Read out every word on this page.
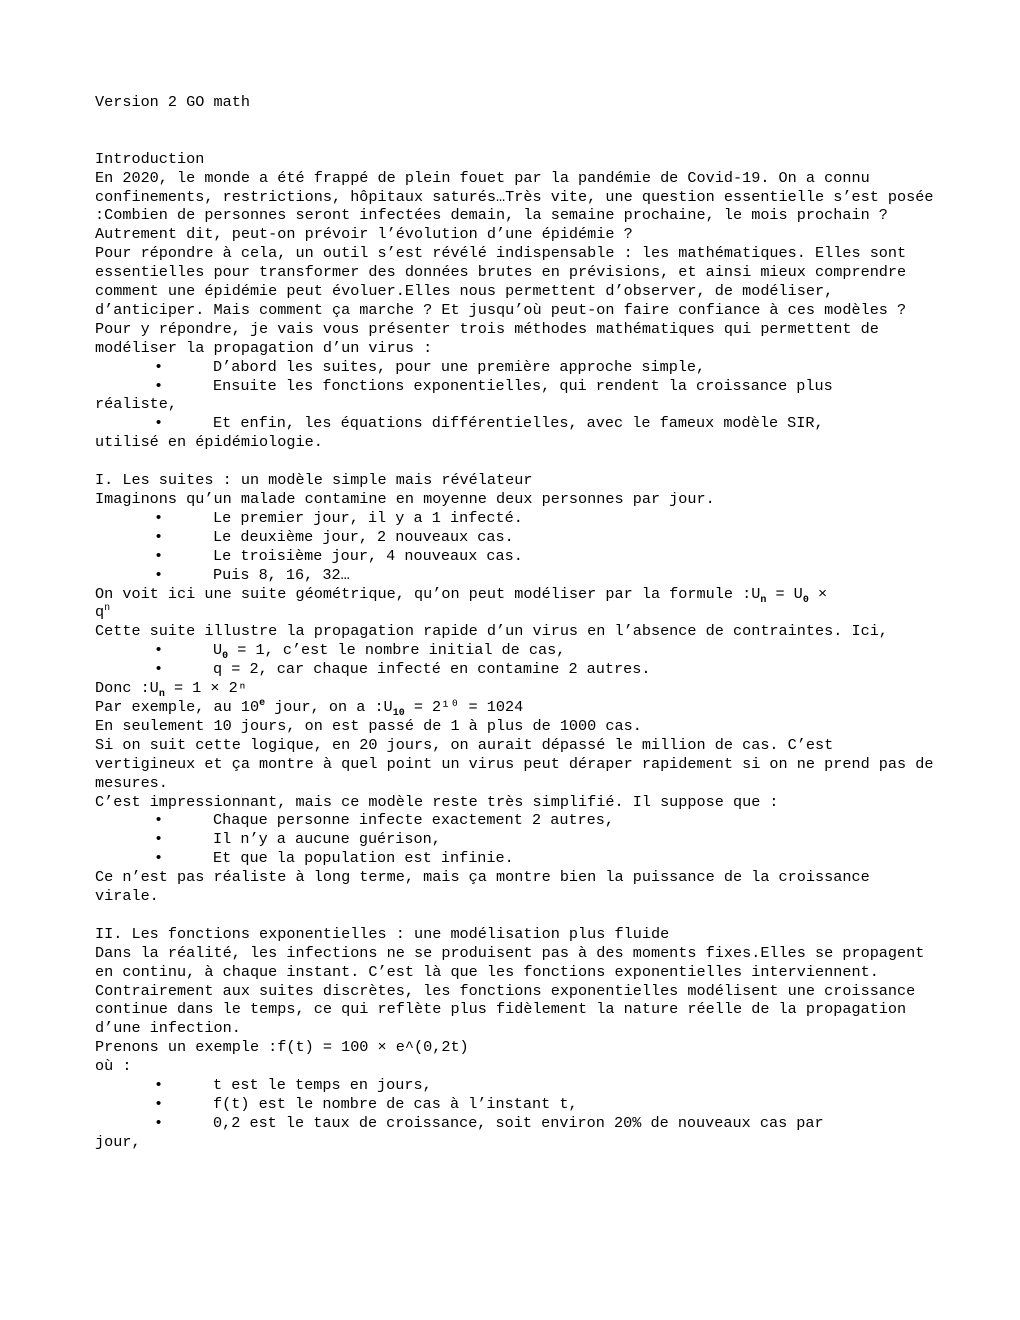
Version 2 GO math

Introduction

En 2020, le monde a été frappé de plein fouet par la pandémie de Covid-19. On a connu confinements, restrictions, hôpitaux saturés…Très vite, une question essentielle s’est posée :Combien de personnes seront infectées demain, la semaine prochaine, le mois prochain ?Autrement dit, peut-on prévoir l’évolution d’une épidémie ?

Pour répondre à cela, un outil s’est révélé indispensable : les mathématiques. Elles sont essentielles pour transformer des données brutes en prévisions, et ainsi mieux comprendre comment une épidémie peut évoluer.Elles nous permettent d’observer, de modéliser, d’anticiper. Mais comment ça marche ? Et jusqu’où peut-on faire confiance à ces modèles ?

Pour y répondre, je vais vous présenter trois méthodes mathématiques qui permettent de modéliser la propagation d’un virus :

•	D’abord les suites, pour une première approche simple,
•	Ensuite les fonctions exponentielles, qui rendent la croissance plus

réaliste,

•	Et enfin, les équations différentielles, avec le fameux modèle SIR,

utilisé en épidémiologie.

I. Les suites : un modèle simple mais révélateur

Imaginons qu’un malade contamine en moyenne deux personnes par jour.

•	Le premier jour, il y a 1 infecté.
•	Le deuxième jour, 2 nouveaux cas.
•	Le troisième jour, 4 nouveaux cas.
•	Puis 8, 16, 32…

On voit ici une suite géométrique, qu’on peut modéliser par la formule $:U_n = U_0$ ×

$q^n$

Cette suite illustre la propagation rapide d’un virus en l’absence de contraintes. Ici,

•	$U_0 = 1$, c’est le nombre initial de cas,
•	q = 2, car chaque infecté en contamine 2 autres.

Donc $:U_n = 1 \times 2^n$

Par exemple, au 10e jour, on a $:U_{10} = 2^{10} = 1024$

En seulement 10 jours, on est passé de 1 à plus de 1000 cas.

Si on suit cette logique, en 20 jours, on aurait dépassé le million de cas. C’est vertigineux et ça montre à quel point un virus peut déraper rapidement si on ne prend pas de mesures.

C’est impressionnant, mais ce modèle reste très simplifié. Il suppose que :

•	Chaque personne infecte exactement 2 autres,
•	Il n’y a aucune guérison,
•	Et que la population est infinie.

Ce n’est pas réaliste à long terme, mais ça montre bien la puissance de la croissance virale.

II. Les fonctions exponentielles : une modélisation plus fluide

Dans la réalité, les infections ne se produisent pas à des moments fixes.Elles se propagent en continu, à chaque instant. C’est là que les fonctions exponentielles interviennent. Contrairement aux suites discrètes, les fonctions exponentielles modélisent une croissance continue dans le temps, ce qui reflète plus fidèlement la nature réelle de la propagation d’une infection.

Prenons un exemple :f(t) = 100 × e^(0,2t)

où :

•	t est le temps en jours,
•	f(t) est le nombre de cas à l’instant t,
•	0,2 est le taux de croissance, soit environ 20% de nouveaux cas par

jour,
